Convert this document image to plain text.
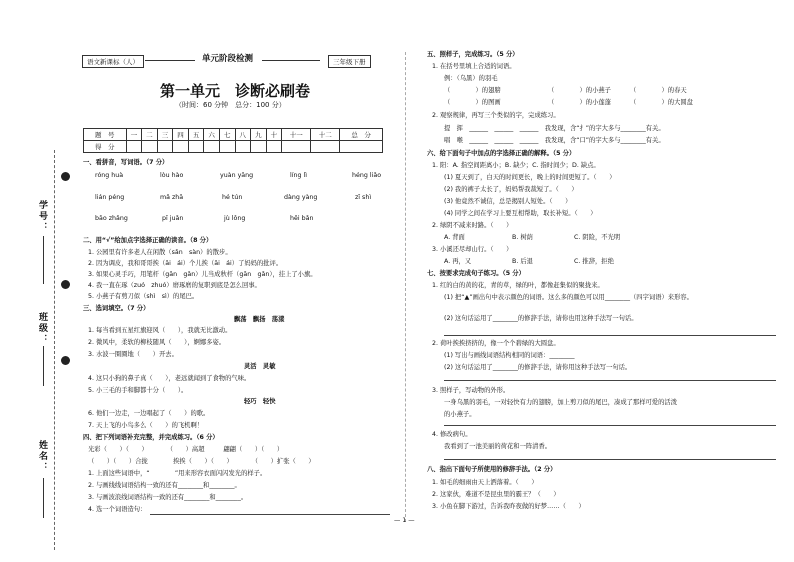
学号：
班级：
姓名：
语文新课标（人）	单元阶段检测	三年级下册
第一单元　诊断必刷卷
（时间：60 分钟　总分：100 分）
题　号	一	二	三	四	五	六	七	八	九	十	十一	十二	总　分
得　分													
一、看拼音，写词语。（7 分）
róng huà	lòu hào	yuàn yāng	líng lì	héng liǎo
lián péng	mǎ zhā	hé tún	dàng yàng	zī shì
bāo zhǎng	pī juǎn	jù lǒng	hēi bǎn
二、用“√”给加点字选择正确的读音。（8 分）
1. 公园里有许多老人在闲散（sǎn　sàn）的散步。
2. 因为调皮，我和哥哥挨（āi　ái）个儿挨（āi　ái）了妈妈的批评。
3. 如果心灵手巧，用笔杆（gān　gǎn）儿当成秋杆（gān　gǎn），挂上了小旗。
4. 我一直在琢（zuó　zhuó）磨琢磨的复职到底是怎么回事。
5. 小燕子有剪刀似（shì　sì）的尾巴。
三、选词填空。（7 分）
飘荡　飘扬　荡漾
1. 每当看到五星红旗迎风（　　），我就无比激动。
2. 微风中，柔软的柳枝随风（　　），婀娜多姿。
3. 水波一圈圈地（　　）开去。
灵活　灵敏
4. 这只小狗的鼻子真（　　），老远就闻到了食物的气味。
5. 小三毛的手和脚都十分（　　）。
轻巧　轻快
6. 他们一边走，一边唱起了（　　）的歌。
7. 天上飞的小鸟多么（　　）的飞机啊！
四、把下列词语补充完整，并完成练习。（6 分）
光彩（　　）（　　）　　　　（　　）高超　　　翩翩（　　）（　　）
（　　）（　　）合拢　　　　挨挨（　　）（　　）　　　　（　　）扩张（　　）
1. 上面这些词语中，“　　　　”用来形容衣面闪闪发光的样子。
2. 与画线线词语结构一致的还有________和________。
3. 与画波浪线词语结构一致的还有________和________。
4. 选一个词语造句：
五、照样子，完成练习。（5 分）
1. 在括号里填上合适的词语。
例：（乌黑）的羽毛
（　　　　）的翅膀	（　　　　）的小燕子	（　　　　）的春天
（　　　　）的图画	（　　　　）的小莲蓬	（　　　　）的大圆盘
2. 观察规律，再写三个类似的字，完成练习。
提　挥　______　______　______　我发现，含“扌”的字大多与________有关。
唱　喉　______　______　______　我发现，含“口”的字大多与________有关。
六、给下面句子中加点的字选择正确的解释。（5 分）
1. 阳：A. 指空间距离小；B. 缺少；C. 指时间少；D. 缺点。
(1) 夏天到了，白天的时间更长，晚上的时间更短了。（　　）
(2) 我的裤子太长了，妈妈帮我裁短了。（　　）
(3) 他竟然不诚信，总是揭别人短处。（　　）
(4) 同学之间在学习上要互相帮助，取长补短。（　　）
2. 绿阴不减来时路。（　　）
A. 背面	B. 树荫	C. 阴险，不光明
3. 小溪还尽却山行。（　　）
A. 再，又	B. 后退	C. 推辞，拒绝
七、按要求完成句子练习。（5 分）
1. 红的白的黄的花，青的草，绿的叶，都像赶集似的聚拢来。
(1) 把“▲”画出句中表示颜色的词语。这么多的颜色可以用________（四字词语）来形容。
(2) 这句话运用了________的修辞手法，请你也用这种手法写一句话。
2. 荷叶挨挨挤挤的，像一个个碧绿的大圆盘。
(1) 写出与画线词语结构相同的词语：________
(2) 这句话运用了________的修辞手法，请你用这种手法写一句话。
3. 照样子，写动物的外形。
一身乌黑的羽毛，一对轻快有力的翅膀，加上剪刀似的尾巴，凑成了那样可爱的活泼
的小燕子。
4. 修改病句。
我看到了一池美丽的荷花和一阵清香。
八、指出下面句子所使用的修辞手法。（2 分）
1. 如毛的细雨由天上洒落着。（　　）
2. 这家伙，难道不是昆虫里的霸王？（　　）
3. 小鱼在脚下游过，告诉我昨夜做的好梦……（　　）
— 1 —
